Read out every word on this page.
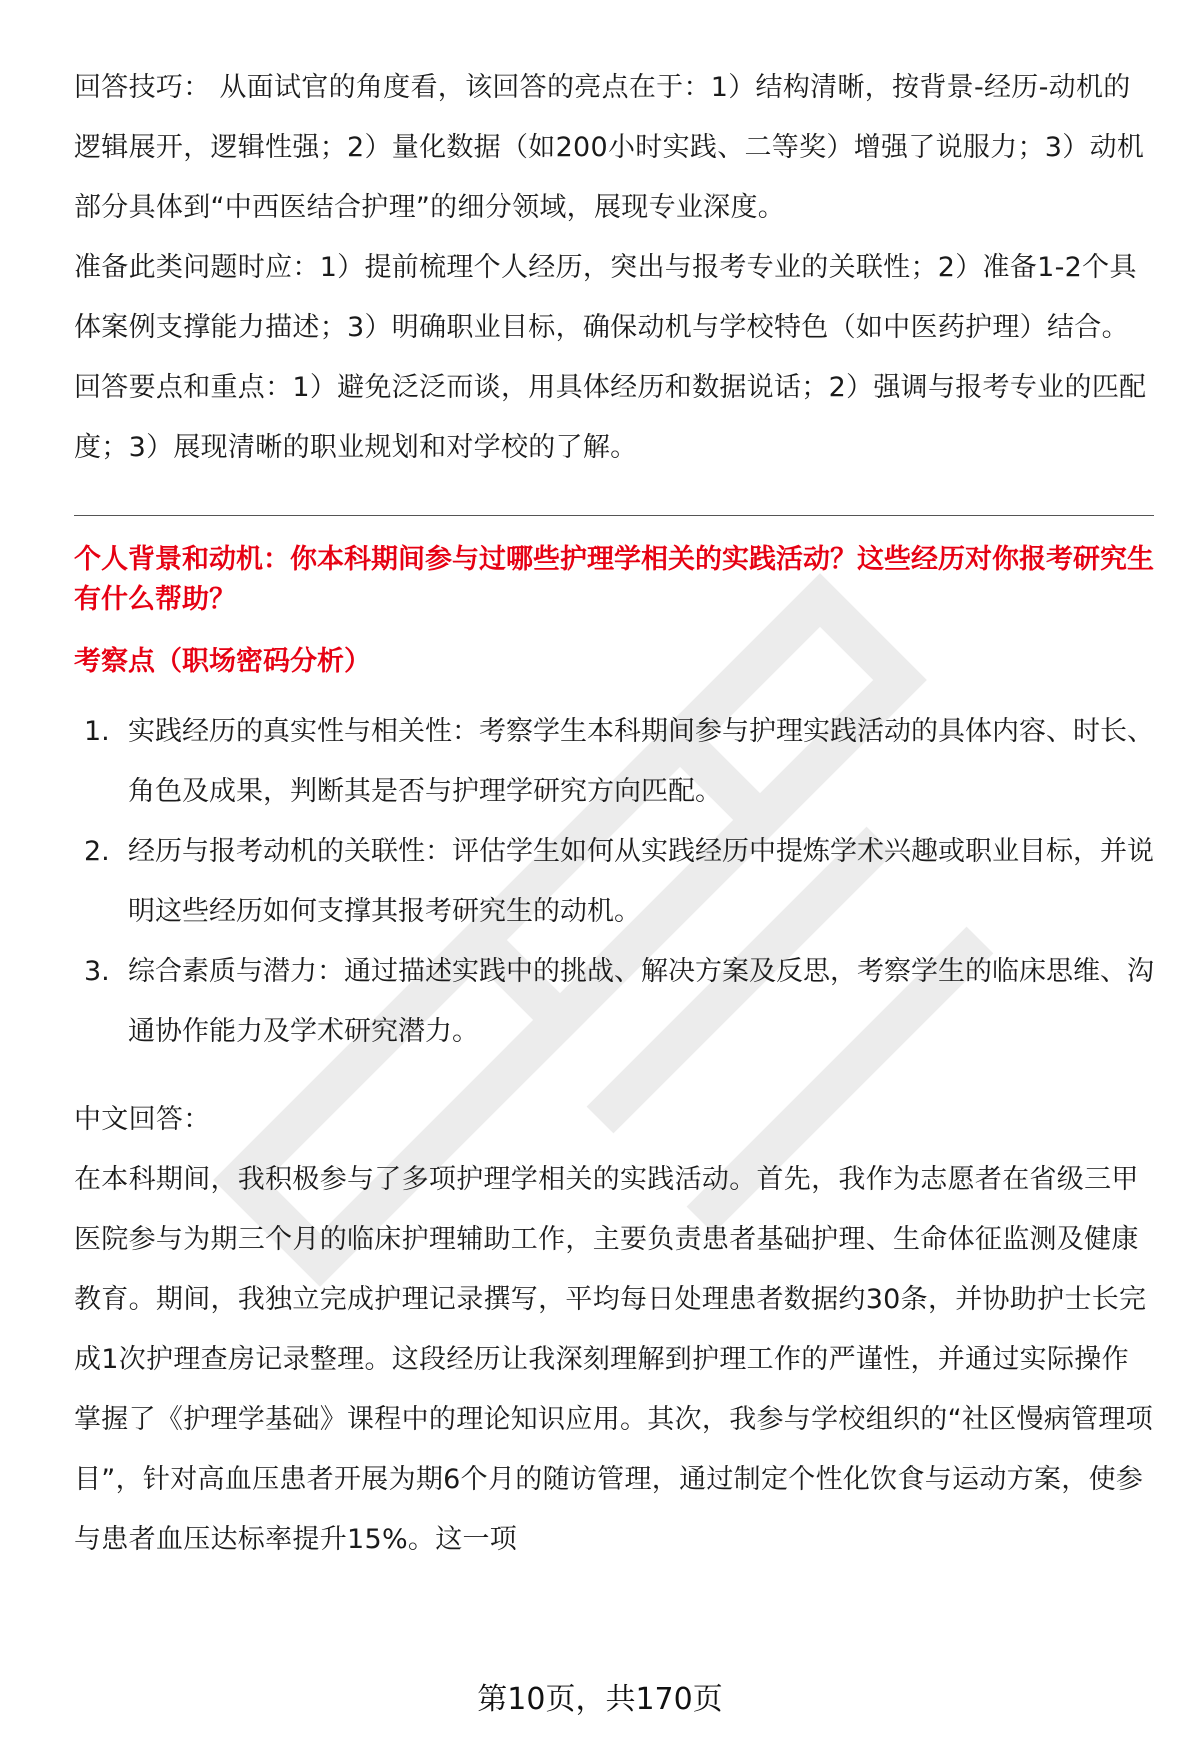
回答技巧： 从面试官的角度看，该回答的亮点在于：1）结构清晰，按背景-经历-动机的逻辑展开，逻辑性强；2）量化数据（如200小时实践、二等奖）增强了说服力；3）动机部分具体到“中西医结合护理”的细分领域，展现专业深度。

准备此类问题时应：1）提前梳理个人经历，突出与报考专业的关联性；2）准备1-2个具体案例支撑能力描述；3）明确职业目标，确保动机与学校特色（如中医药护理）结合。

回答要点和重点：1）避免泛泛而谈，用具体经历和数据说话；2）强调与报考专业的匹配度；3）展现清晰的职业规划和对学校的了解。

个人背景和动机：你本科期间参与过哪些护理学相关的实践活动？这些经历对你报考研究生有什么帮助？

考察点（职场密码分析）

1. 实践经历的真实性与相关性：考察学生本科期间参与护理实践活动的具体内容、时长、角色及成果，判断其是否与护理学研究方向匹配。
2. 经历与报考动机的关联性：评估学生如何从实践经历中提炼学术兴趣或职业目标，并说明这些经历如何支撑其报考研究生的动机。
3. 综合素质与潜力：通过描述实践中的挑战、解决方案及反思，考察学生的临床思维、沟通协作能力及学术研究潜力。

中文回答：

在本科期间，我积极参与了多项护理学相关的实践活动。首先，我作为志愿者在省级三甲医院参与为期三个月的临床护理辅助工作，主要负责患者基础护理、生命体征监测及健康教育。期间，我独立完成护理记录撰写，平均每日处理患者数据约30条，并协助护士长完成1次护理查房记录整理。这段经历让我深刻理解到护理工作的严谨性，并通过实际操作掌握了《护理学基础》课程中的理论知识应用。其次，我参与学校组织的“社区慢病管理项目”，针对高血压患者开展为期6个月的随访管理，通过制定个性化饮食与运动方案，使参与患者血压达标率提升15%。这一项

第10页，共170页
